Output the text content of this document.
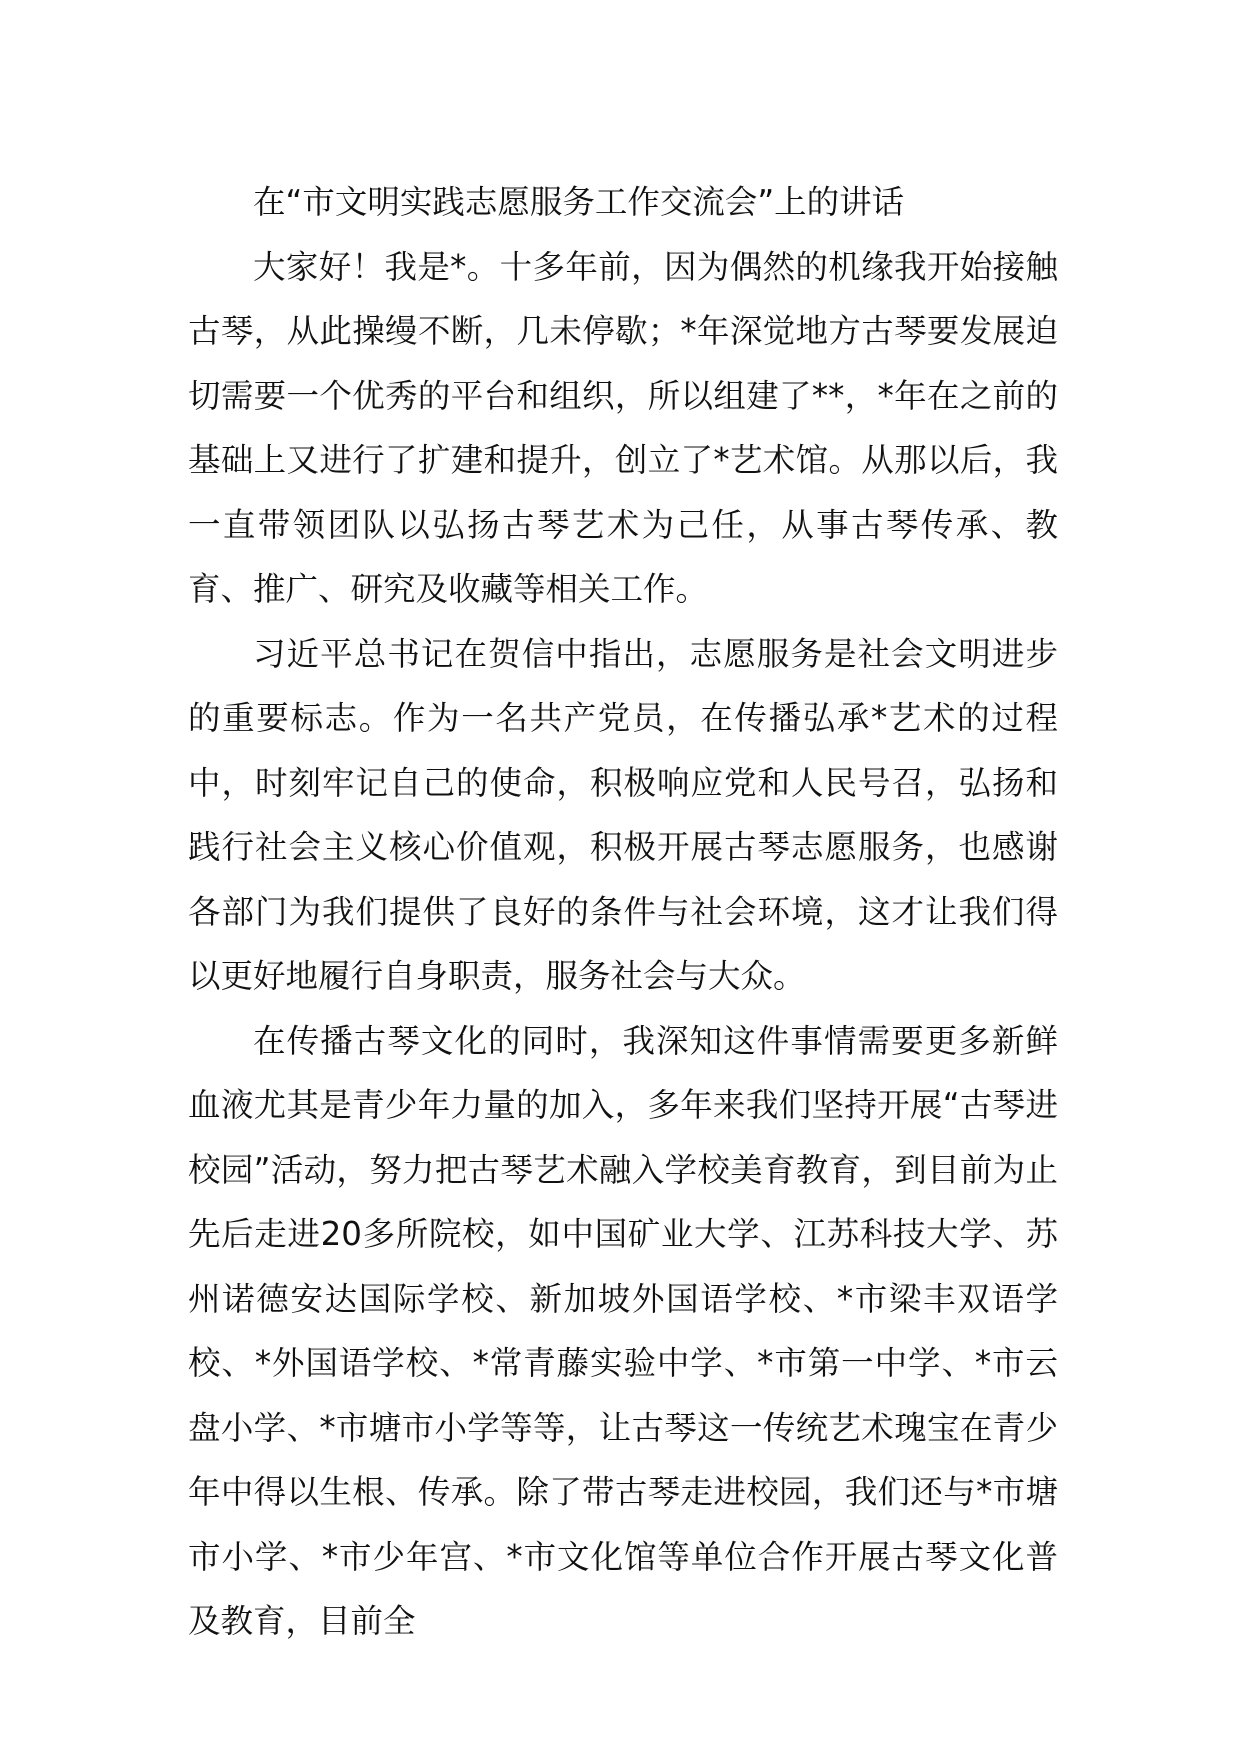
在“市文明实践志愿服务工作交流会”上的讲话

大家好！我是*。十多年前，因为偶然的机缘我开始接触古琴，从此操缦不断，几未停歇；*年深觉地方古琴要发展迫切需要一个优秀的平台和组织，所以组建了**，*年在之前的基础上又进行了扩建和提升，创立了*艺术馆。从那以后，我一直带领团队以弘扬古琴艺术为己任，从事古琴传承、教育、推广、研究及收藏等相关工作。

习近平总书记在贺信中指出，志愿服务是社会文明进步的重要标志。作为一名共产党员，在传播弘承*艺术的过程中，时刻牢记自己的使命，积极响应党和人民号召，弘扬和践行社会主义核心价值观，积极开展古琴志愿服务，也感谢各部门为我们提供了良好的条件与社会环境，这才让我们得以更好地履行自身职责，服务社会与大众。

在传播古琴文化的同时，我深知这件事情需要更多新鲜血液尤其是青少年力量的加入，多年来我们坚持开展“古琴进校园”活动，努力把古琴艺术融入学校美育教育，到目前为止先后走进20多所院校，如中国矿业大学、江苏科技大学、苏州诺德安达国际学校、新加坡外国语学校、*市梁丰双语学校、*外国语学校、*常青藤实验中学、*市第一中学、*市云盘小学、*市塘市小学等等，让古琴这一传统艺术瑰宝在青少年中得以生根、传承。除了带古琴走进校园，我们还与*市塘市小学、*市少年宫、*市文化馆等单位合作开展古琴文化普及教育，目前全
